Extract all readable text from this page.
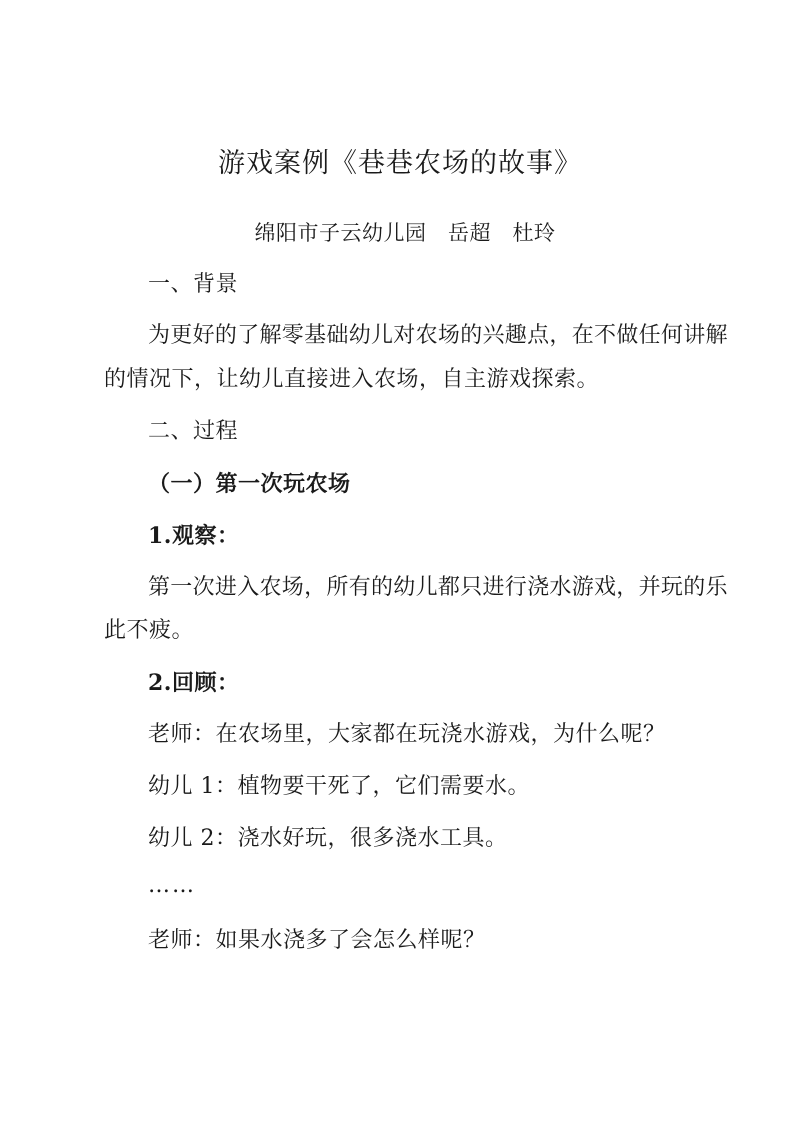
游戏案例《巷巷农场的故事》
绵阳市子云幼儿园　岳超　杜玲
一、背景
为更好的了解零基础幼儿对农场的兴趣点，在不做任何讲解
的情况下，让幼儿直接进入农场，自主游戏探索。
二、过程
（一）第一次玩农场
1.观察：
第一次进入农场，所有的幼儿都只进行浇水游戏，并玩的乐
此不疲。
2.回顾：
老师：在农场里，大家都在玩浇水游戏，为什么呢？
幼儿 1：植物要干死了，它们需要水。
幼儿 2：浇水好玩，很多浇水工具。
……
老师：如果水浇多了会怎么样呢？
